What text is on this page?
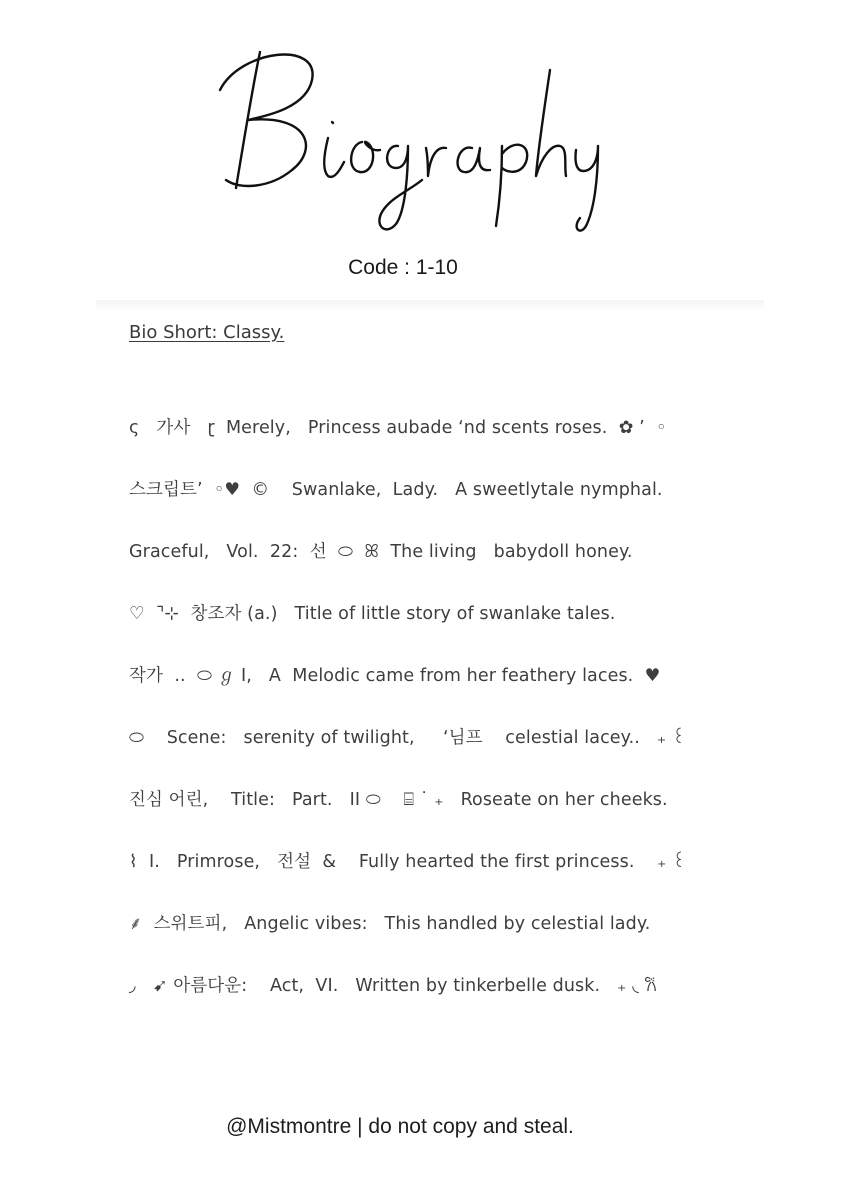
Code : 1-10
Bio Short: Classy.
ς   가사   ɽ  Merely,   Princess aubade ‘nd scents roses.  ✿ ’  ◦
스크립트’  ◦♥  ©    Swanlake,  Lady.   A sweetlytale nymphal.
Graceful,   Vol.  22:  선  ⬭  ꕤ  The living   babydoll honey.
♡  ⌝⊹  창조자 (a.)   Title of little story of swanlake tales.
작가  ..  ⬭ ℊ I,   A  Melodic came from her feathery laces.  ♥
⬭    Scene:   serenity of twilight,     ‘님프    celestial lacey..   ₊ ꒰
진심 어린,    Title:   Part.   II ⬭    ⌸ ˙ ₊   Roseate on her cheeks.
⌇  I.   Primrose,   전설  &    Fully hearted the first princess.    ₊ ꒰
⸙  스위트피,   Angelic vibes:   This handled by celestial lady.
◞   ➹ 아름다운:    Act,  VI.   Written by tinkerbelle dusk.   ₊ ◟ 𐙚
@Mistmontre | do not copy and steal.
